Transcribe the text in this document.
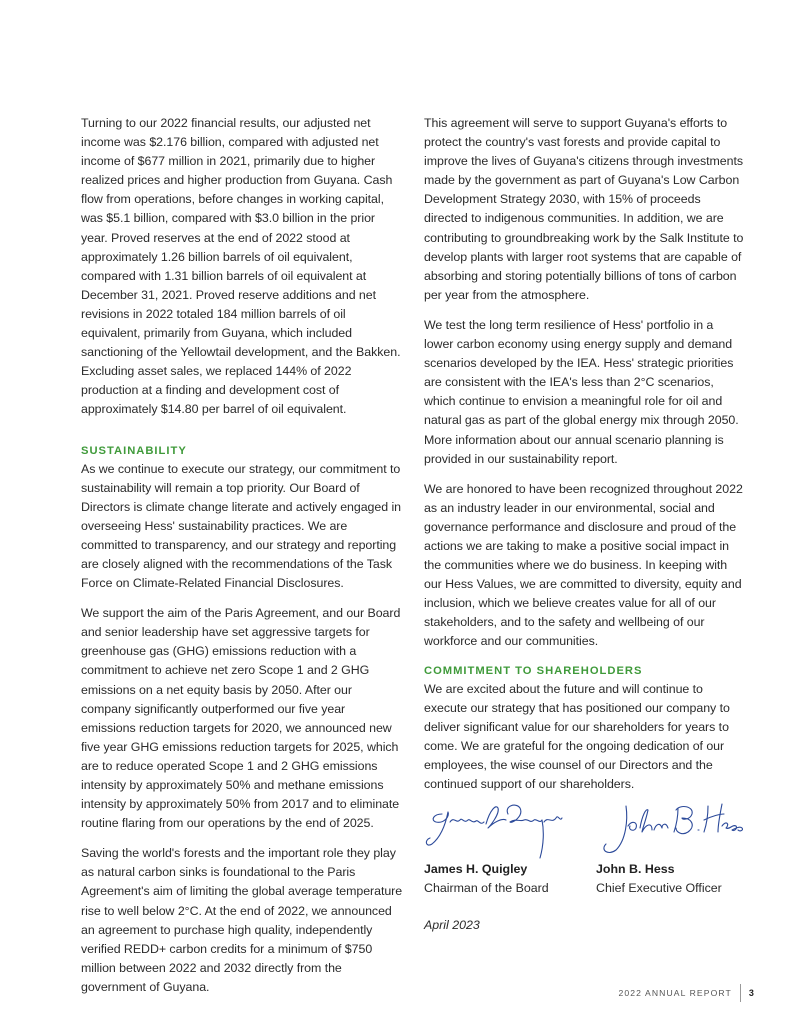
Turning to our 2022 financial results, our adjusted net income was $2.176 billion, compared with adjusted net income of $677 million in 2021, primarily due to higher realized prices and higher production from Guyana. Cash flow from operations, before changes in working capital, was $5.1 billion, compared with $3.0 billion in the prior year. Proved reserves at the end of 2022 stood at approximately 1.26 billion barrels of oil equivalent, compared with 1.31 billion barrels of oil equivalent at December 31, 2021. Proved reserve additions and net revisions in 2022 totaled 184 million barrels of oil equivalent, primarily from Guyana, which included sanctioning of the Yellowtail development, and the Bakken. Excluding asset sales, we replaced 144% of 2022 production at a finding and development cost of approximately $14.80 per barrel of oil equivalent.

SUSTAINABILITY

As we continue to execute our strategy, our commitment to sustainability will remain a top priority. Our Board of Directors is climate change literate and actively engaged in overseeing Hess' sustainability practices. We are committed to transparency, and our strategy and reporting are closely aligned with the recommendations of the Task Force on Climate-Related Financial Disclosures.

We support the aim of the Paris Agreement, and our Board and senior leadership have set aggressive targets for greenhouse gas (GHG) emissions reduction with a commitment to achieve net zero Scope 1 and 2 GHG emissions on a net equity basis by 2050. After our company significantly outperformed our five year emissions reduction targets for 2020, we announced new five year GHG emissions reduction targets for 2025, which are to reduce operated Scope 1 and 2 GHG emissions intensity by approximately 50% and methane emissions intensity by approximately 50% from 2017 and to eliminate routine flaring from our operations by the end of 2025.

Saving the world's forests and the important role they play as natural carbon sinks is foundational to the Paris Agreement's aim of limiting the global average temperature rise to well below 2°C. At the end of 2022, we announced an agreement to purchase high quality, independently verified REDD+ carbon credits for a minimum of $750 million between 2022 and 2032 directly from the government of Guyana.

This agreement will serve to support Guyana's efforts to protect the country's vast forests and provide capital to improve the lives of Guyana's citizens through investments made by the government as part of Guyana's Low Carbon Development Strategy 2030, with 15% of proceeds directed to indigenous communities. In addition, we are contributing to groundbreaking work by the Salk Institute to develop plants with larger root systems that are capable of absorbing and storing potentially billions of tons of carbon per year from the atmosphere.

We test the long term resilience of Hess' portfolio in a lower carbon economy using energy supply and demand scenarios developed by the IEA. Hess' strategic priorities are consistent with the IEA's less than 2°C scenarios, which continue to envision a meaningful role for oil and natural gas as part of the global energy mix through 2050. More information about our annual scenario planning is provided in our sustainability report.

We are honored to have been recognized throughout 2022 as an industry leader in our environmental, social and governance performance and disclosure and proud of the actions we are taking to make a positive social impact in the communities where we do business. In keeping with our Hess Values, we are committed to diversity, equity and inclusion, which we believe creates value for all of our stakeholders, and to the safety and wellbeing of our workforce and our communities.

COMMITMENT TO SHAREHOLDERS

We are excited about the future and will continue to execute our strategy that has positioned our company to deliver significant value for our shareholders for years to come. We are grateful for the ongoing dedication of our employees, the wise counsel of our Directors and the continued support of our shareholders.

James H. Quigley
Chairman of the Board
John B. Hess
Chief Executive Officer
April 2023
2022 ANNUAL REPORT 3
